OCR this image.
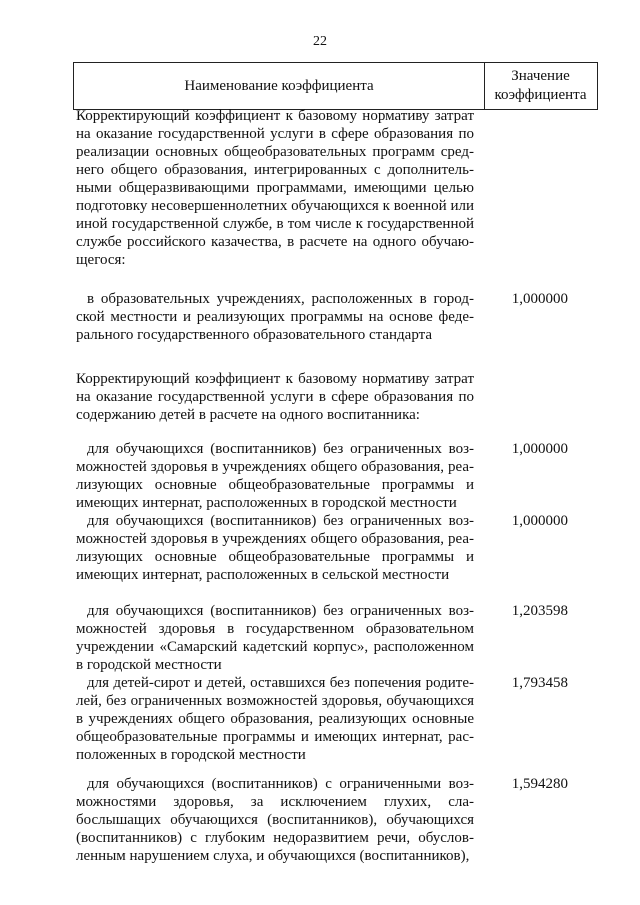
22
Наименование коэффициента
Значение
коэффициента
Корректирующий коэффициент к базовому нормативу затрат
на оказание государственной услуги в сфере образования по
реализации основных общеобразовательных программ сред-
него общего образования, интегрированных с дополнитель-
ными общеразвивающими программами, имеющими целью
подготовку несовершеннолетних обучающихся к военной или
иной государственной службе, в том числе к государственной
службе российского казачества, в расчете на одного обучаю-
щегося:
в образовательных учреждениях, расположенных в город-
ской местности и реализующих программы на основе феде-
рального государственного образовательного стандарта
1,000000
Корректирующий коэффициент к базовому нормативу затрат
на оказание государственной услуги в сфере образования по
содержанию детей в расчете на одного воспитанника:
для обучающихся (воспитанников) без ограниченных воз-
можностей здоровья в учреждениях общего образования, реа-
лизующих основные общеобразовательные программы и
имеющих интернат, расположенных в городской местности
1,000000
для обучающихся (воспитанников) без ограниченных воз-
можностей здоровья в учреждениях общего образования, реа-
лизующих основные общеобразовательные программы и
имеющих интернат, расположенных в сельской местности
1,000000
для обучающихся (воспитанников) без ограниченных воз-
можностей здоровья в государственном образовательном
учреждении «Самарский кадетский корпус», расположенном
в городской местности
1,203598
для детей-сирот и детей, оставшихся без попечения родите-
лей, без ограниченных возможностей здоровья, обучающихся
в учреждениях общего образования, реализующих основные
общеобразовательные программы и имеющих интернат, рас-
положенных в городской местности
1,793458
для обучающихся (воспитанников) с ограниченными воз-
можностями здоровья, за исключением глухих, сла-
бослышащих обучающихся (воспитанников), обучающихся
(воспитанников) с глубоким недоразвитием речи, обуслов-
ленным нарушением слуха, и обучающихся (воспитанников),
1,594280
